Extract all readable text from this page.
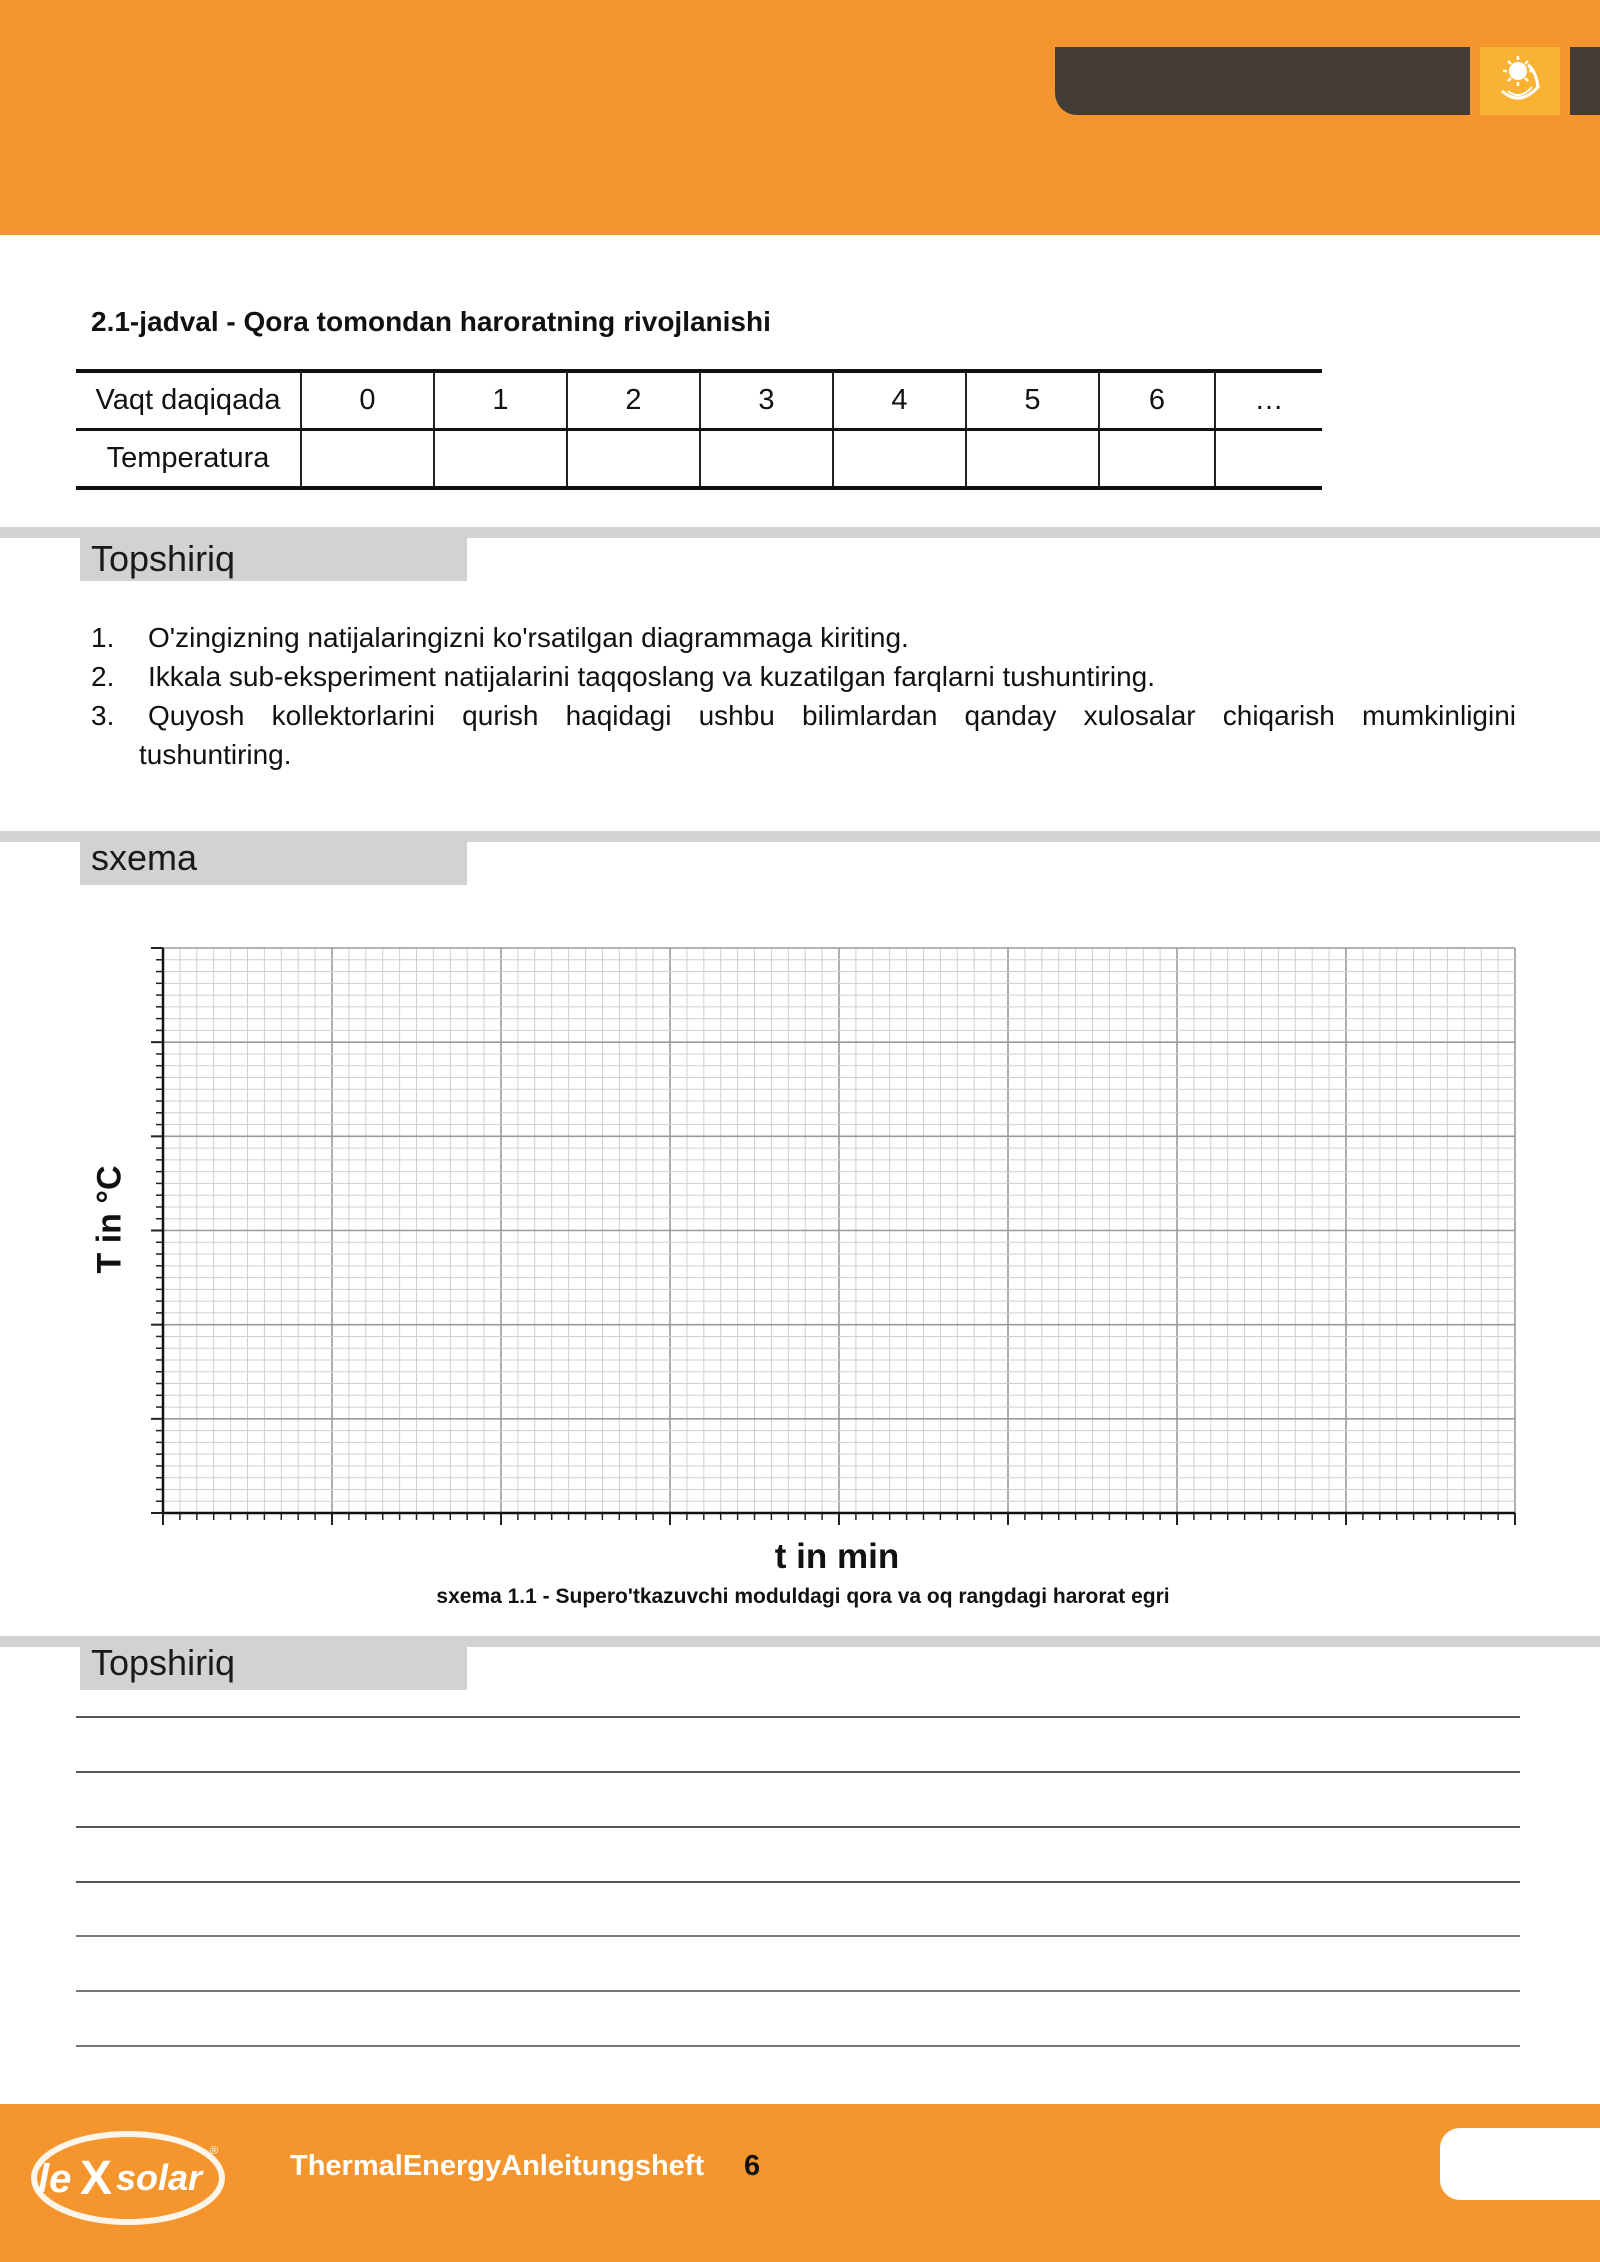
2.1-jadval - Qora tomondan haroratning rivojlanishi
Vaqt daqiqada	0	1	2	3	4	5	6	…
Temperatura								
Topshiriq
1. O'zingizning natijalaringizni ko'rsatilgan diagrammaga kiriting.
2. Ikkala sub-eksperiment natijalarini taqqoslang va kuzatilgan farqlarni tushuntiring.
3. Quyosh kollektorlarini qurish haqidagi ushbu bilimlardan qanday xulosalar chiqarish mumkinligini
tushuntiring.
sxema
T in °C
t in min
sxema 1.1 - Supero'tkazuvchi moduldagi qora va oq rangdagi harorat egri
Topshiriq
le X solar
® ThermalEnergyAnleitungsheft 6
